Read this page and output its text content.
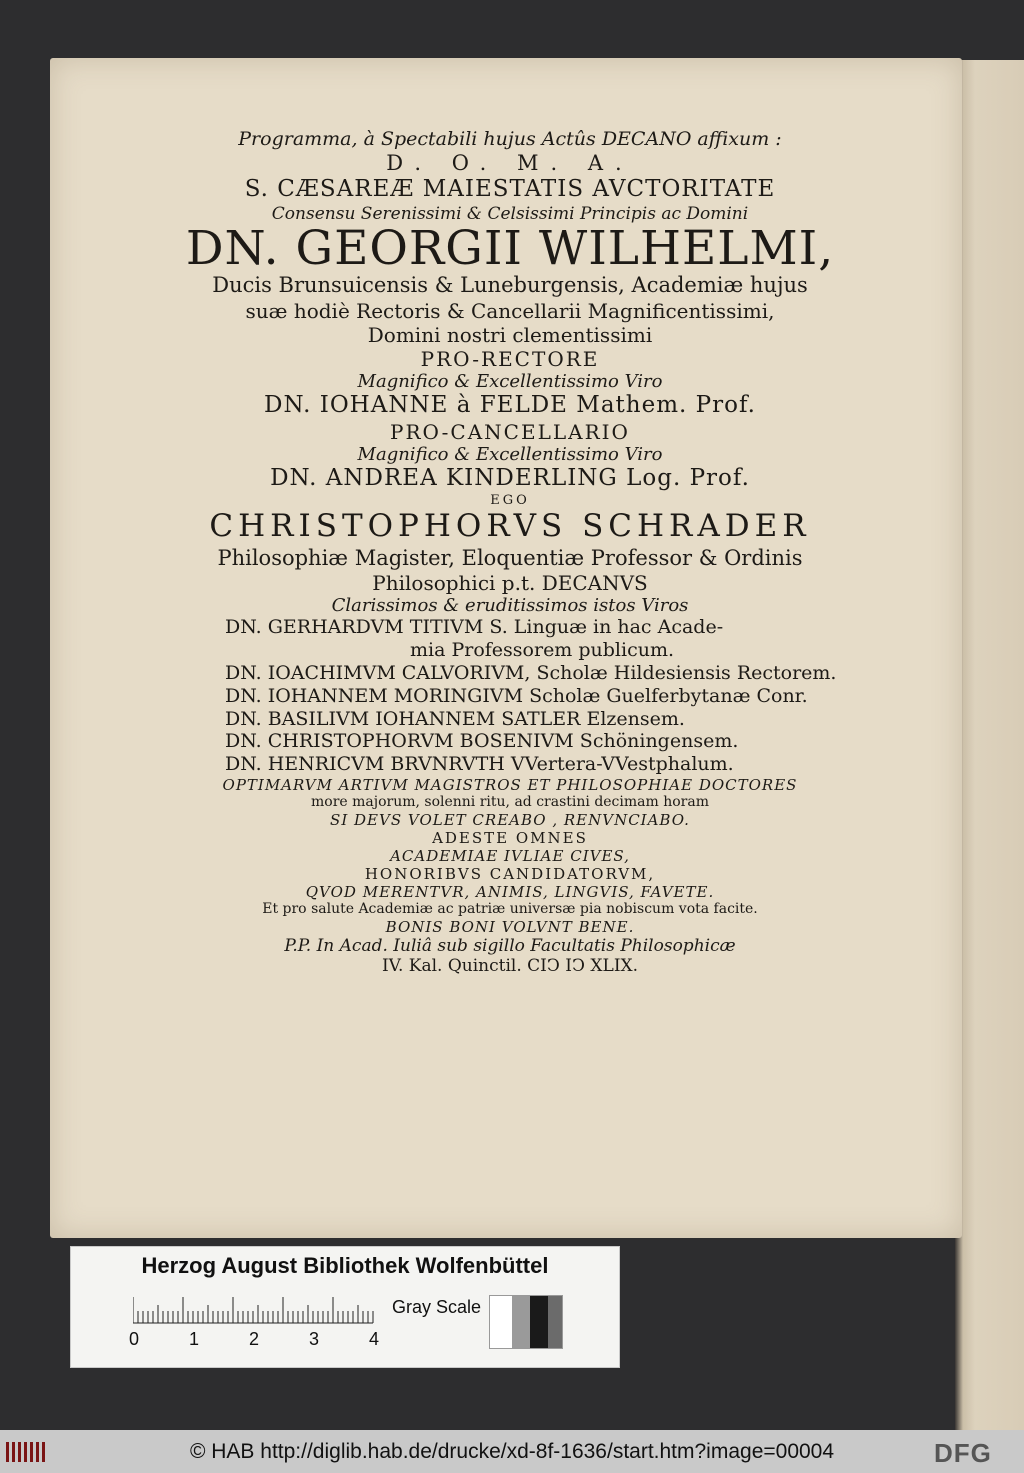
Programma, à Spectabili hujus Actûs DECANO affixum :
D. O. M. A.
S. CÆSAREÆ MAIESTATIS AVCTORITATE
Consensu Serenissimi & Celsissimi Principis ac Domini
DN. GEORGII WILHELMI,
Ducis Brunsuicensis & Luneburgensis, Academiæ hujus
suæ hodiè Rectoris & Cancellarii Magnificentissimi,
Domini nostri clementissimi
PRO-RECTORE
Magnifico & Excellentissimo Viro
DN. IOHANNE à FELDE Mathem. Prof.
PRO-CANCELLARIO
Magnifico & Excellentissimo Viro
DN. ANDREA KINDERLING Log. Prof.
EGO
CHRISTOPHORVS SCHRADER
Philosophiæ Magister, Eloquentiæ Professor & Ordinis
Philosophici p.t. DECANVS
Clarissimos & eruditissimos istos Viros
DN. GERHARDVM TITIVM S. Linguæ in hac Acade-
mia Professorem publicum.
DN. IOACHIMVM CALVORIVM, Scholæ Hildesiensis Rectorem.
DN. IOHANNEM MORINGIVM Scholæ Guelferbytanæ Conr.
DN. BASILIVM IOHANNEM SATLER Elzensem.
DN. CHRISTOPHORVM BOSENIVM Schöningensem.
DN. HENRICVM BRVNRVTH VVertera-VVestphalum.
OPTIMARVM ARTIVM MAGISTROS ET PHILOSOPHIAE DOCTORES
more majorum, solenni ritu, ad crastini decimam horam
SI DEVS VOLET CREABO , RENVNCIABO.
ADESTE OMNES
ACADEMIAE IVLIAE CIVES,
HONORIBVS CANDIDATORVM,
QVOD MERENTVR, ANIMIS, LINGVIS, FAVETE.
Et pro salute Academiæ ac patriæ universæ pia nobiscum vota facite.
BONIS BONI VOLVNT BENE.
P.P. In Acad. Iuliâ sub sigillo Facultatis Philosophicæ
IV. Kal. Quinctil. CIϽ IϽ XLIX.
Herzog August Bibliothek Wolfenbüttel
0	1	2	3	4
Gray Scale
© HAB http://diglib.hab.de/drucke/xd-8f-1636/start.htm?image=00004	DFG
